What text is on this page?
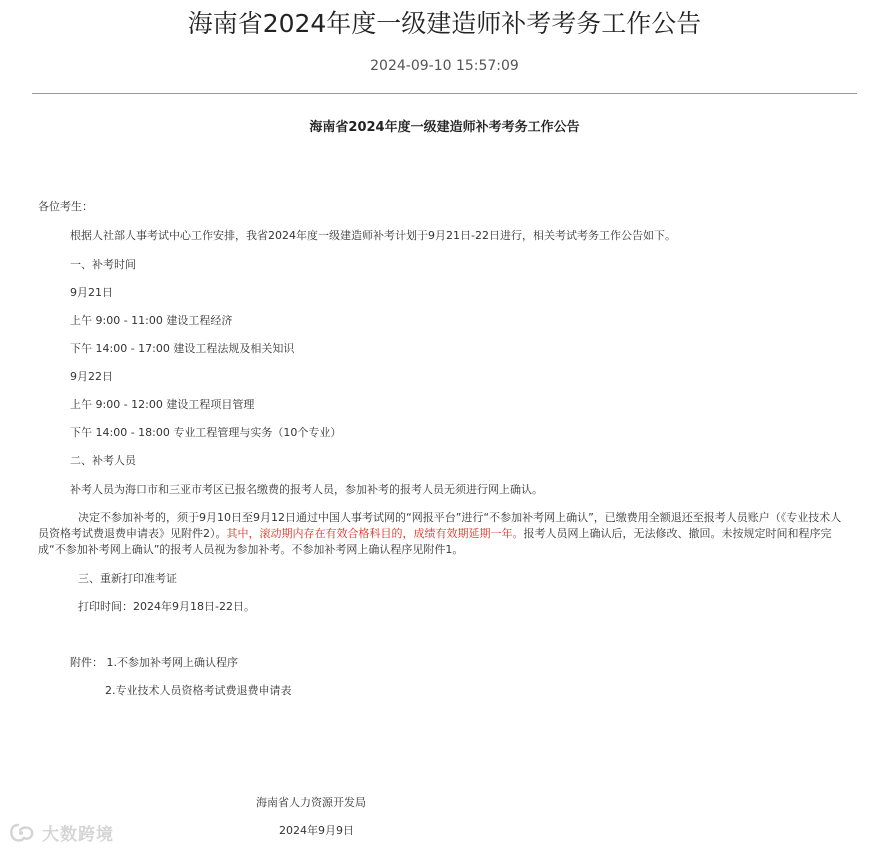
海南省2024年度一级建造师补考考务工作公告
2024-09-10 15:57:09
海南省2024年度一级建造师补考考务工作公告
各位考生：
根据人社部人事考试中心工作安排，我省2024年度一级建造师补考计划于9月21日-22日进行，相关考试考务工作公告如下。
一、补考时间
9月21日
上午 9:00 - 11:00 建设工程经济
下午 14:00 - 17:00 建设工程法规及相关知识
9月22日
上午 9:00 - 12:00 建设工程项目管理
下午 14:00 - 18:00 专业工程管理与实务（10个专业）
二、补考人员
补考人员为海口市和三亚市考区已报名缴费的报考人员，参加补考的报考人员无须进行网上确认。
决定不参加补考的，须于9月10日至9月12日通过中国人事考试网的“网报平台”进行“不参加补考网上确认”，已缴费用全额退还至报考人员账户（《专业技术人员资格考试费退费申请表》见附件2）。其中，滚动期内存在有效合格科目的，成绩有效期延期一年。报考人员网上确认后，无法修改、撤回。未按规定时间和程序完成“不参加补考网上确认”的报考人员视为参加补考。不参加补考网上确认程序见附件1。
三、重新打印准考证
打印时间：2024年9月18日-22日。
附件： 1.不参加补考网上确认程序
2.专业技术人员资格考试费退费申请表
海南省人力资源开发局
2024年9月9日
大数跨境
